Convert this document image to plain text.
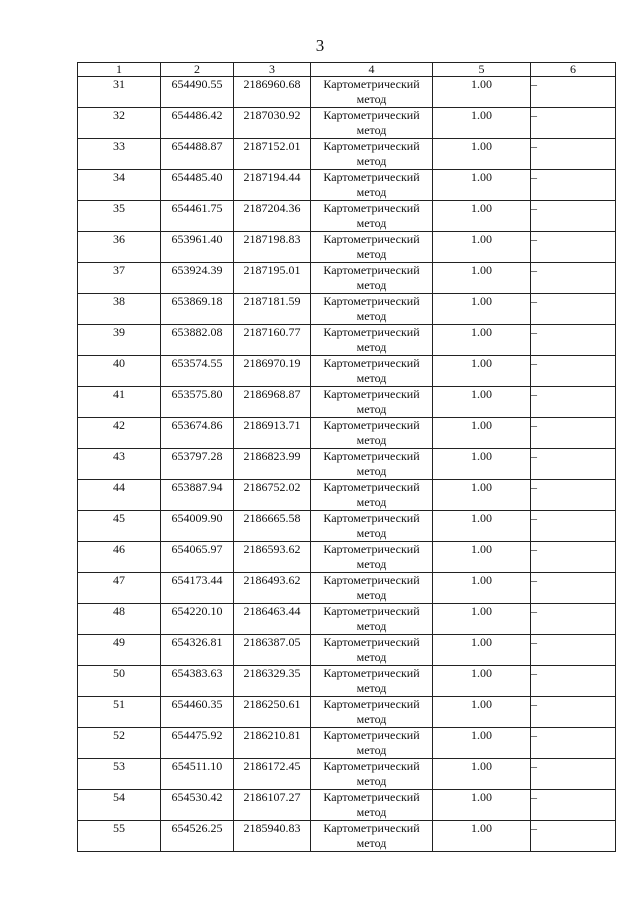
3
1	2	3	4	5	6
31	654490.55	2186960.68	Картометрический метод	1.00	–
32	654486.42	2187030.92	Картометрический метод	1.00	–
33	654488.87	2187152.01	Картометрический метод	1.00	–
34	654485.40	2187194.44	Картометрический метод	1.00	–
35	654461.75	2187204.36	Картометрический метод	1.00	–
36	653961.40	2187198.83	Картометрический метод	1.00	–
37	653924.39	2187195.01	Картометрический метод	1.00	–
38	653869.18	2187181.59	Картометрический метод	1.00	–
39	653882.08	2187160.77	Картометрический метод	1.00	–
40	653574.55	2186970.19	Картометрический метод	1.00	–
41	653575.80	2186968.87	Картометрический метод	1.00	–
42	653674.86	2186913.71	Картометрический метод	1.00	–
43	653797.28	2186823.99	Картометрический метод	1.00	–
44	653887.94	2186752.02	Картометрический метод	1.00	–
45	654009.90	2186665.58	Картометрический метод	1.00	–
46	654065.97	2186593.62	Картометрический метод	1.00	–
47	654173.44	2186493.62	Картометрический метод	1.00	–
48	654220.10	2186463.44	Картометрический метод	1.00	–
49	654326.81	2186387.05	Картометрический метод	1.00	–
50	654383.63	2186329.35	Картометрический метод	1.00	–
51	654460.35	2186250.61	Картометрический метод	1.00	–
52	654475.92	2186210.81	Картометрический метод	1.00	–
53	654511.10	2186172.45	Картометрический метод	1.00	–
54	654530.42	2186107.27	Картометрический метод	1.00	–
55	654526.25	2185940.83	Картометрический метод	1.00	–
